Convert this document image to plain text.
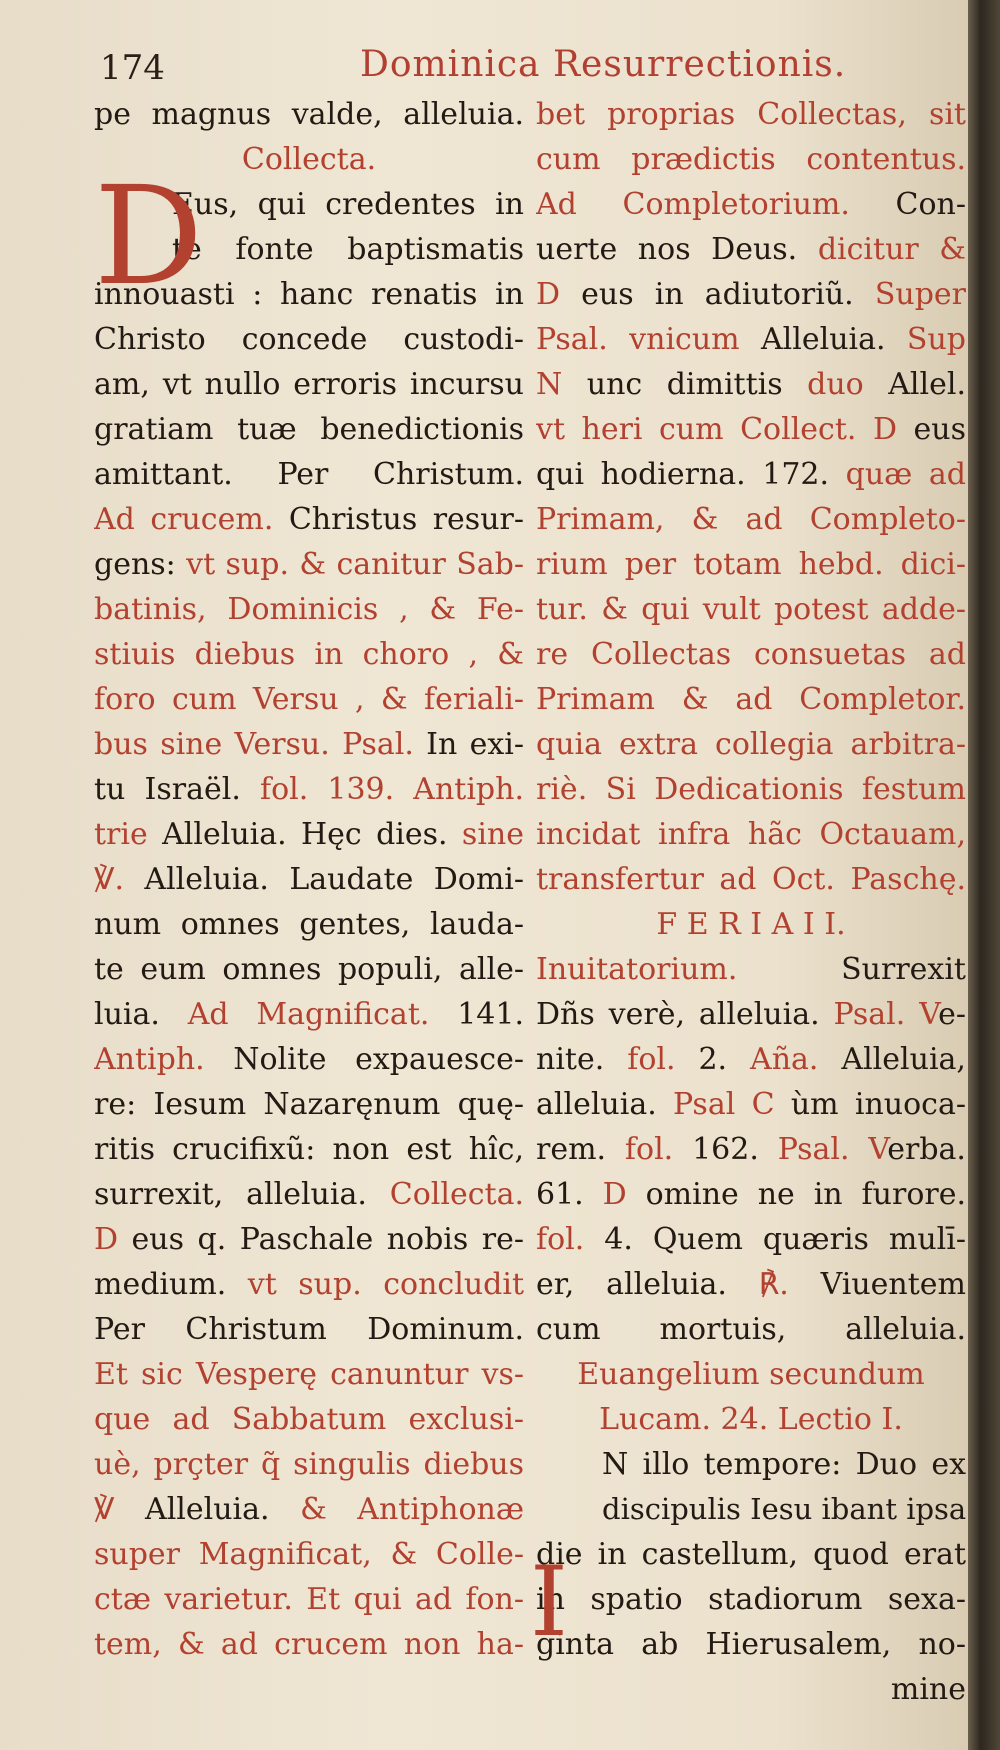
174	Dominica Resurrectionis.
D
pe magnus valde, alleluia.
Collecta.
Eus, qui credentes in
te fonte baptismatis
innouasti : hanc renatis in
Christo concede custodi-
am, vt nullo erroris incursu
gratiam tuæ benedictionis
amittant. Per Christum.
Ad crucem. Christus resur-
gens: vt sup. & canitur Sab-
batinis, Dominicis , & Fe-
stiuis diebus in choro , &
foro cum Versu , & feriali-
bus sine Versu. Psal. In exi-
tu Israël. fol. 139. Antiph.
trie Alleluia. Hęc dies. sine
℣. Alleluia. Laudate Domi-
num omnes gentes, lauda-
te eum omnes populi, alle-
luia. Ad Magnificat. 141.
Antiph. Nolite expauesce-
re: Iesum Nazaręnum quę-
ritis crucifixũ: non est hîc,
surrexit, alleluia. Collecta.
D eus q. Paschale nobis re-
medium. vt sup. concludit
Per Christum Dominum.
Et sic Vesperę canuntur vs-
que ad Sabbatum exclusi-
uè, prçter q̃ singulis diebus
℣ Alleluia. & Antiphonæ
super Magnificat, & Colle-
ctæ varietur. Et qui ad fon-
tem, & ad crucem non ha- I
bet proprias Collectas, sit
cum prædictis contentus.
Ad Completorium. Con-
uerte nos Deus. dicitur &
D eus in adiutoriũ. Super
Psal. vnicum Alleluia. Sup
N unc dimittis duo Allel.
vt heri cum Collect. D eus
qui hodierna. 172. quæ ad
Primam, & ad Completo-
rium per totam hebd. dici-
tur. & qui vult potest adde-
re Collectas consuetas ad
Primam & ad Completor.
quia extra collegia arbitra-
riè. Si Dedicationis festum
incidat infra hãc Octauam,
transfertur ad Oct. Paschę.
F E R I A I I.
Inuitatorium. Surrexit
Dñs verè, alleluia. Psal. Ve-
nite. fol. 2. Aña. Alleluia,
alleluia. Psal C ùm inuoca-
rem. fol. 162. Psal. Verba.
61. D omine ne in furore.
fol. 4. Quem quæris mulī-
er, alleluia. ℟. Viuentem
cum mortuis, alleluia.
Euangelium secundum
Lucam. 24. Lectio I.
N illo tempore: Duo ex
discipulis Iesu ibant ipsa
die in castellum, quod erat
in spatio stadiorum sexa-
ginta ab Hierusalem, no-
mine
